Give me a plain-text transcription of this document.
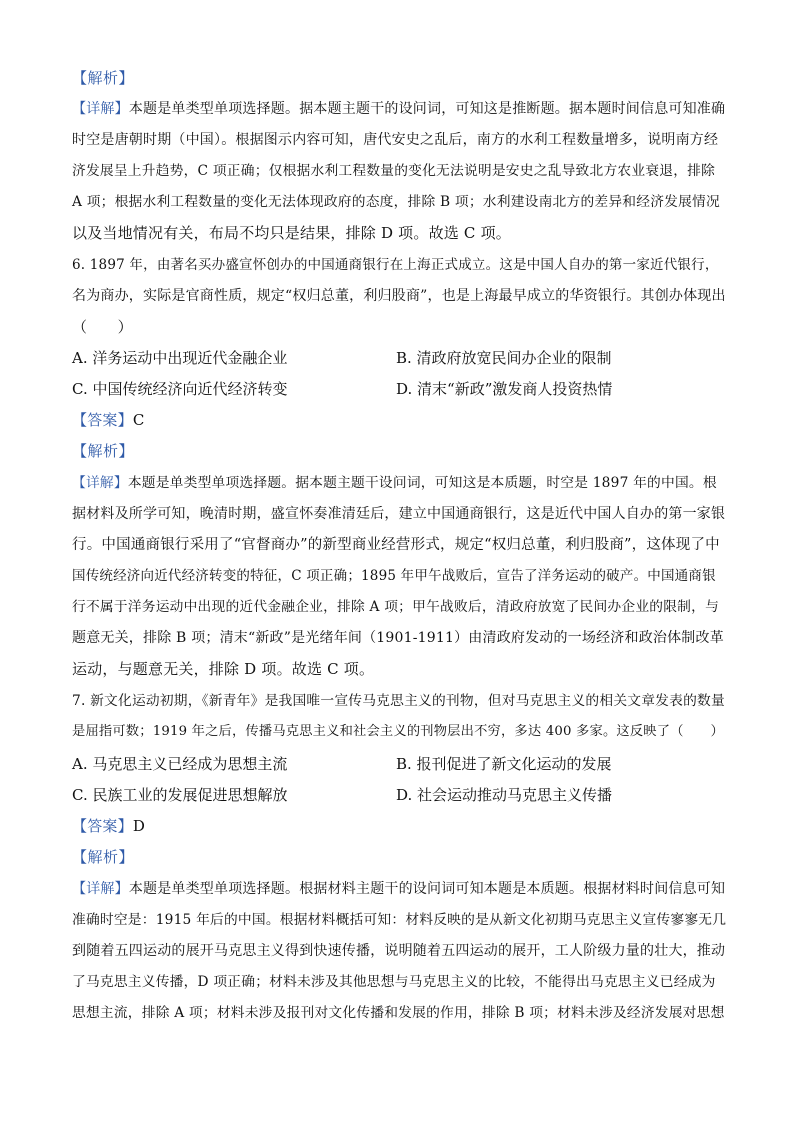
【解析】
【详解】本题是单类型单项选择题。据本题主题干的设问词，可知这是推断题。据本题时间信息可知准确
时空是唐朝时期（中国）。根据图示内容可知，唐代安史之乱后，南方的水利工程数量增多，说明南方经
济发展呈上升趋势，C 项正确；仅根据水利工程数量的变化无法说明是安史之乱导致北方农业衰退，排除
A 项；根据水利工程数量的变化无法体现政府的态度，排除 B 项；水利建设南北方的差异和经济发展情况
以及当地情况有关，布局不均只是结果，排除 D 项。故选 C 项。
6. 1897 年，由著名买办盛宣怀创办的中国通商银行在上海正式成立。这是中国人自办的第一家近代银行，
名为商办，实际是官商性质，规定“权归总董，利归股商”，也是上海最早成立的华资银行。其创办体现出
（　　）
A. 洋务运动中出现近代金融企业	B. 清政府放宽民间办企业的限制
C. 中国传统经济向近代经济转变	D. 清末“新政”激发商人投资热情
【答案】C
【解析】
【详解】本题是单类型单项选择题。据本题主题干设问词，可知这是本质题，时空是 1897 年的中国。根
据材料及所学可知，晚清时期，盛宣怀奏准清廷后，建立中国通商银行，这是近代中国人自办的第一家银
行。中国通商银行采用了“官督商办”的新型商业经营形式，规定“权归总董，利归股商”，这体现了中
国传统经济向近代经济转变的特征，C 项正确；1895 年甲午战败后，宣告了洋务运动的破产。中国通商银
行不属于洋务运动中出现的近代金融企业，排除 A 项；甲午战败后，清政府放宽了民间办企业的限制，与
题意无关，排除 B 项；清末“新政”是光绪年间（1901-1911）由清政府发动的一场经济和政治体制改革
运动，与题意无关，排除 D 项。故选 C 项。
7. 新文化运动初期，《新青年》是我国唯一宣传马克思主义的刊物，但对马克思主义的相关文章发表的数量
是屈指可数；1919 年之后，传播马克思主义和社会主义的刊物层出不穷，多达 400 多家。这反映了（　　）
A. 马克思主义已经成为思想主流	B. 报刊促进了新文化运动的发展
C. 民族工业的发展促进思想解放	D. 社会运动推动马克思主义传播
【答案】D
【解析】
【详解】本题是单类型单项选择题。根据材料主题干的设问词可知本题是本质题。根据材料时间信息可知
准确时空是：1915 年后的中国。根据材料概括可知：材料反映的是从新文化初期马克思主义宣传寥寥无几
到随着五四运动的展开马克思主义得到快速传播，说明随着五四运动的展开，工人阶级力量的壮大，推动
了马克思主义传播，D 项正确；材料未涉及其他思想与马克思主义的比较，不能得出马克思主义已经成为
思想主流，排除 A 项；材料未涉及报刊对文化传播和发展的作用，排除 B 项；材料未涉及经济发展对思想
